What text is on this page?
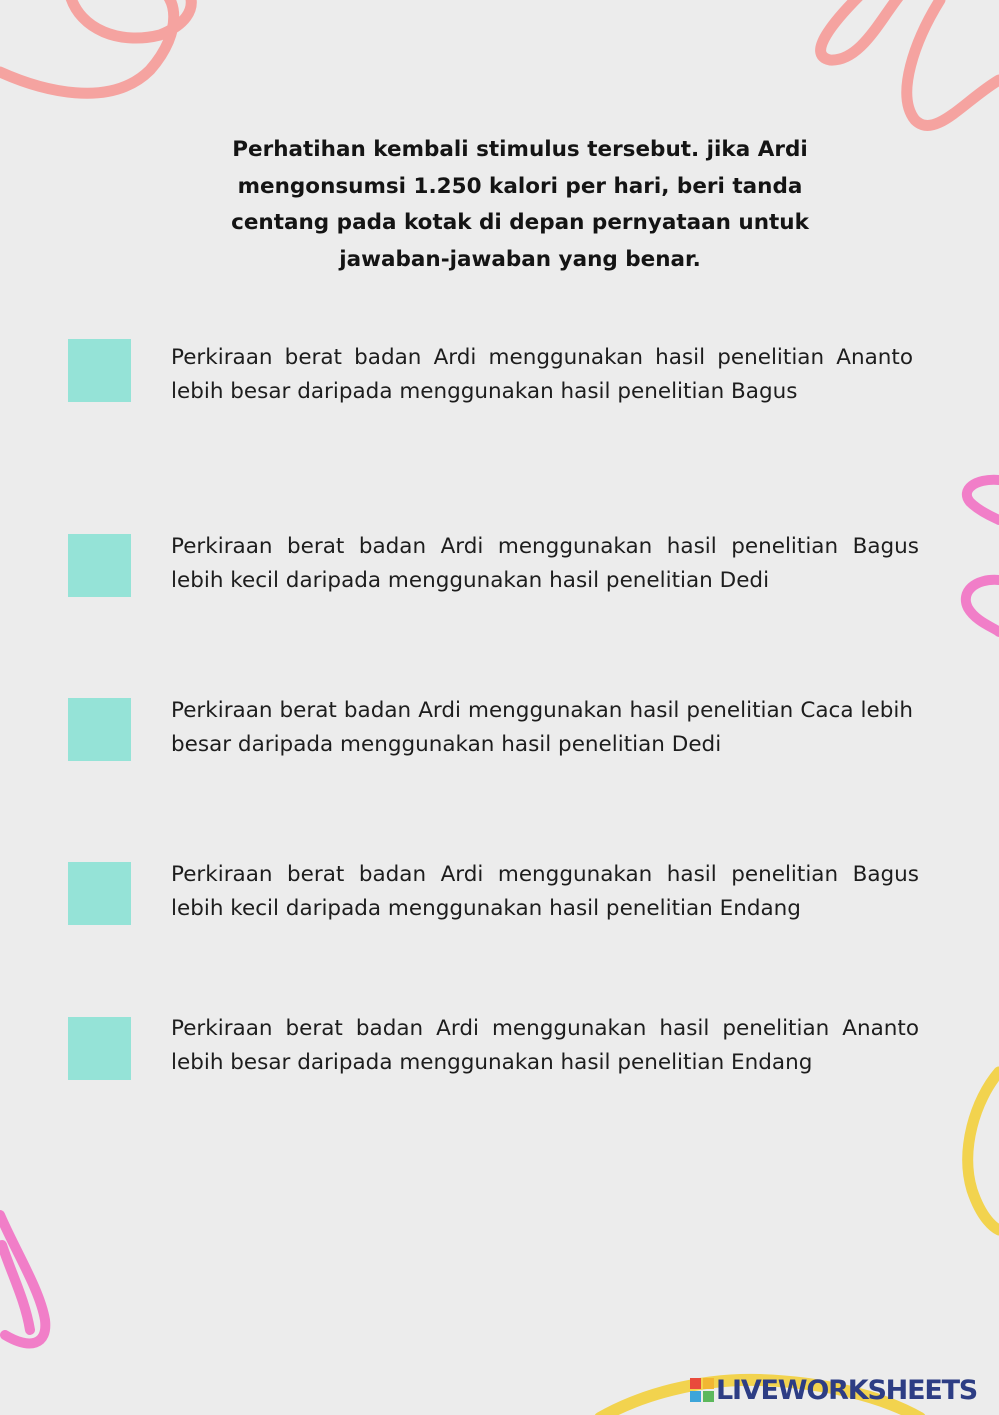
Perhatihan kembali stimulus tersebut. jika Ardi mengonsumsi 1.250 kalori per hari, beri tanda centang pada kotak di depan pernyataan untuk jawaban-jawaban yang benar.
Perkiraan berat badan Ardi menggunakan hasil penelitian Ananto lebih besar daripada menggunakan hasil penelitian Bagus
Perkiraan berat badan Ardi menggunakan hasil penelitian Bagus lebih kecil daripada menggunakan hasil penelitian Dedi
Perkiraan berat badan Ardi menggunakan hasil penelitian Caca lebih besar daripada menggunakan hasil penelitian Dedi
Perkiraan berat badan Ardi menggunakan hasil penelitian Bagus lebih kecil daripada menggunakan hasil penelitian Endang
Perkiraan berat badan Ardi menggunakan hasil penelitian Ananto lebih besar daripada menggunakan hasil penelitian Endang
LIVEWORKSHEETS
